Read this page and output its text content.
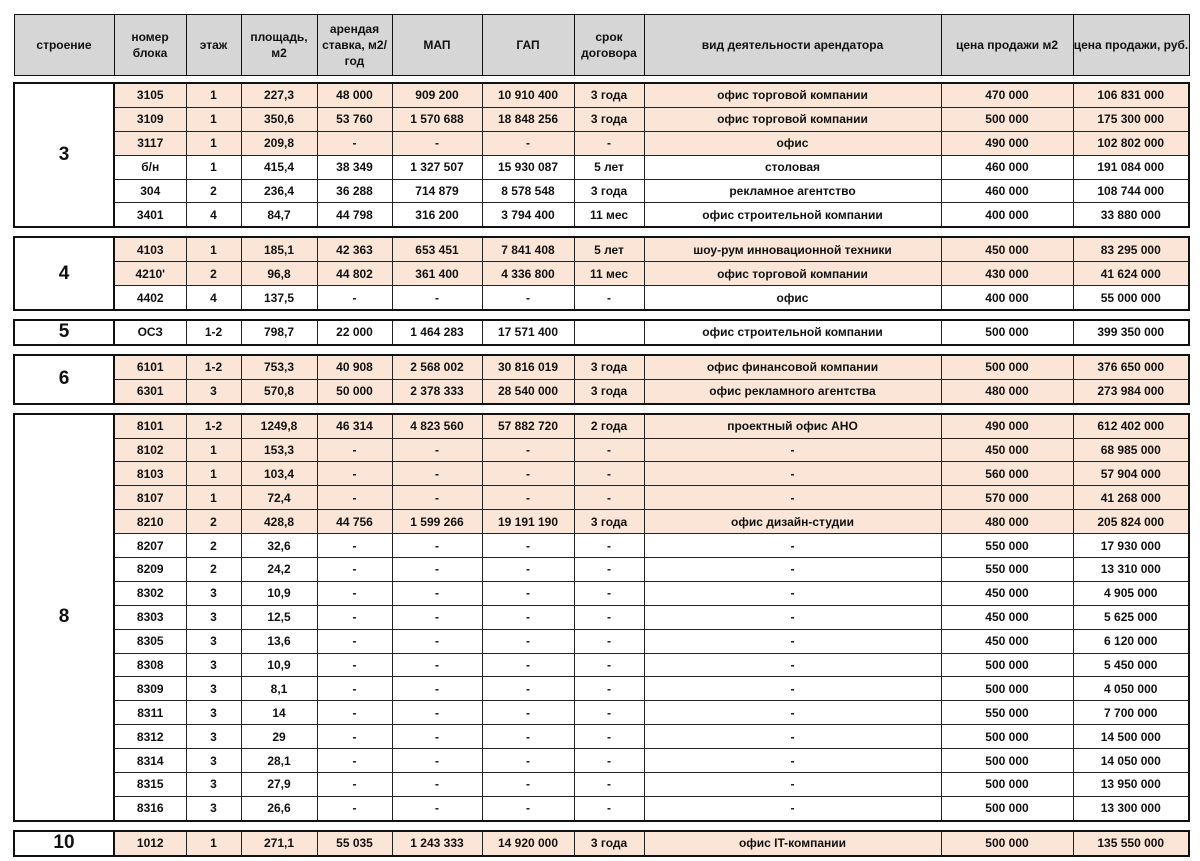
строение	номер блока	этаж	площадь, м2	арендая ставка, м2/год	МАП	ГАП	срок договора	вид деятельности арендатора	цена продажи м2	цена продажи, руб.

3	3105	1	227,3	48 000	909 200	10 910 400	3 года	офис торговой компании	470 000	106 831 000
	3109	1	350,6	53 760	1 570 688	18 848 256	3 года	офис торговой компании	500 000	175 300 000
	3117	1	209,8	-	-	-	-	офис	490 000	102 802 000
	б/н	1	415,4	38 349	1 327 507	15 930 087	5 лет	столовая	460 000	191 084 000
	304	2	236,4	36 288	714 879	8 578 548	3 года	рекламное агентство	460 000	108 744 000
	3401	4	84,7	44 798	316 200	3 794 400	11 мес	офис строительной компании	400 000	33 880 000

4	4103	1	185,1	42 363	653 451	7 841 408	5 лет	шоу-рум инновационной техники	450 000	83 295 000
	4210'	2	96,8	44 802	361 400	4 336 800	11 мес	офис торговой компании	430 000	41 624 000
	4402	4	137,5	-	-	-	-	офис	400 000	55 000 000

5	ОСЗ	1-2	798,7	22 000	1 464 283	17 571 400		офис строительной компании	500 000	399 350 000

6	6101	1-2	753,3	40 908	2 568 002	30 816 019	3 года	офис финансовой компании	500 000	376 650 000
	6301	3	570,8	50 000	2 378 333	28 540 000	3 года	офис рекламного агентства	480 000	273 984 000

8	8101	1-2	1249,8	46 314	4 823 560	57 882 720	2 года	проектный офис АНО	490 000	612 402 000
	8102	1	153,3	-	-	-	-	-	450 000	68 985 000
	8103	1	103,4	-	-	-	-	-	560 000	57 904 000
	8107	1	72,4	-	-	-	-	-	570 000	41 268 000
	8210	2	428,8	44 756	1 599 266	19 191 190	3 года	офис дизайн-студии	480 000	205 824 000
	8207	2	32,6	-	-	-	-	-	550 000	17 930 000
	8209	2	24,2	-	-	-	-	-	550 000	13 310 000
	8302	3	10,9	-	-	-	-	-	450 000	4 905 000
	8303	3	12,5	-	-	-	-	-	450 000	5 625 000
	8305	3	13,6	-	-	-	-	-	450 000	6 120 000
	8308	3	10,9	-	-	-	-	-	500 000	5 450 000
	8309	3	8,1	-	-	-	-	-	500 000	4 050 000
	8311	3	14	-	-	-	-	-	550 000	7 700 000
	8312	3	29	-	-	-	-	-	500 000	14 500 000
	8314	3	28,1	-	-	-	-	-	500 000	14 050 000
	8315	3	27,9	-	-	-	-	-	500 000	13 950 000
	8316	3	26,6	-	-	-	-	-	500 000	13 300 000

10	1012	1	271,1	55 035	1 243 333	14 920 000	3 года	офис IT-компании	500 000	135 550 000
